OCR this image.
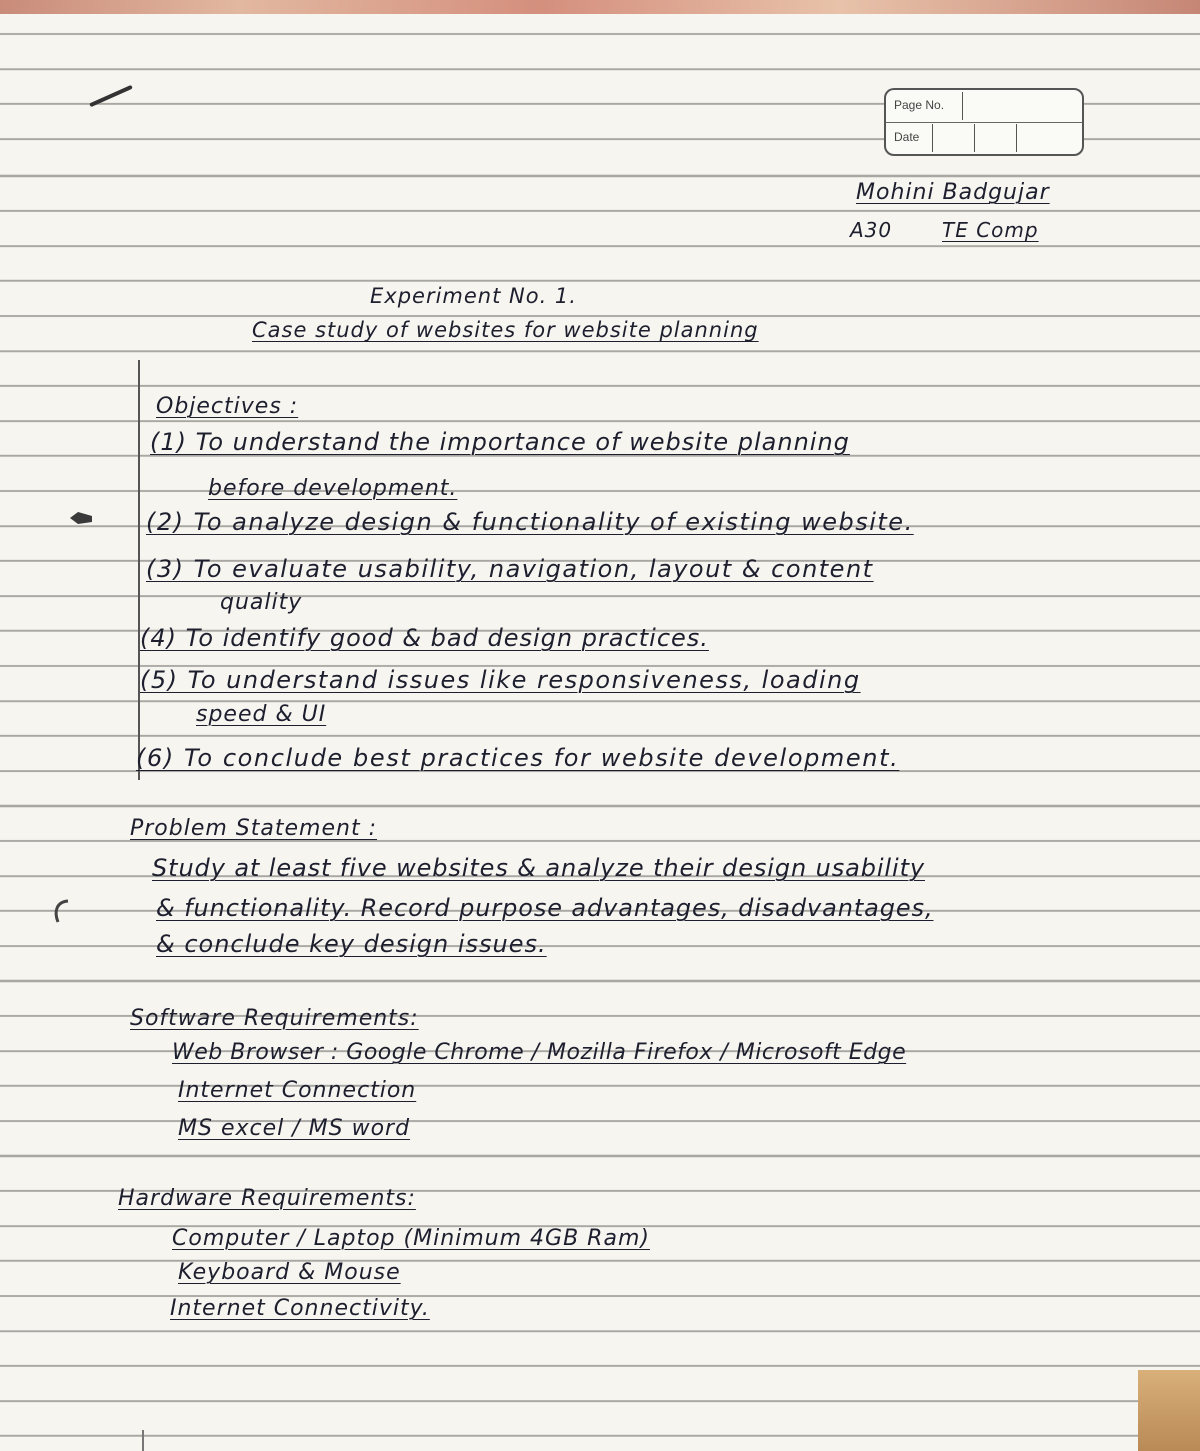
Page No.
Date
Mohini Badgujar
A30 TE Comp
Experiment No. 1.
Case study of websites for website planning
Objectives :
(1) To understand the importance of website planning
before development.
(2) To analyze design & functionality of existing website.
(3) To evaluate usability, navigation, layout & content
quality
(4) To identify good & bad design practices.
(5) To understand issues like responsiveness, loading
speed & UI
(6) To conclude best practices for website development.
Problem Statement :
Study at least five websites & analyze their design usability
& functionality. Record purpose advantages, disadvantages,
& conclude key design issues.
Software Requirements:
Web Browser : Google Chrome / Mozilla Firefox / Microsoft Edge
Internet Connection
MS excel / MS word
Hardware Requirements:
Computer / Laptop (Minimum 4GB Ram)
Keyboard & Mouse
Internet Connectivity.
